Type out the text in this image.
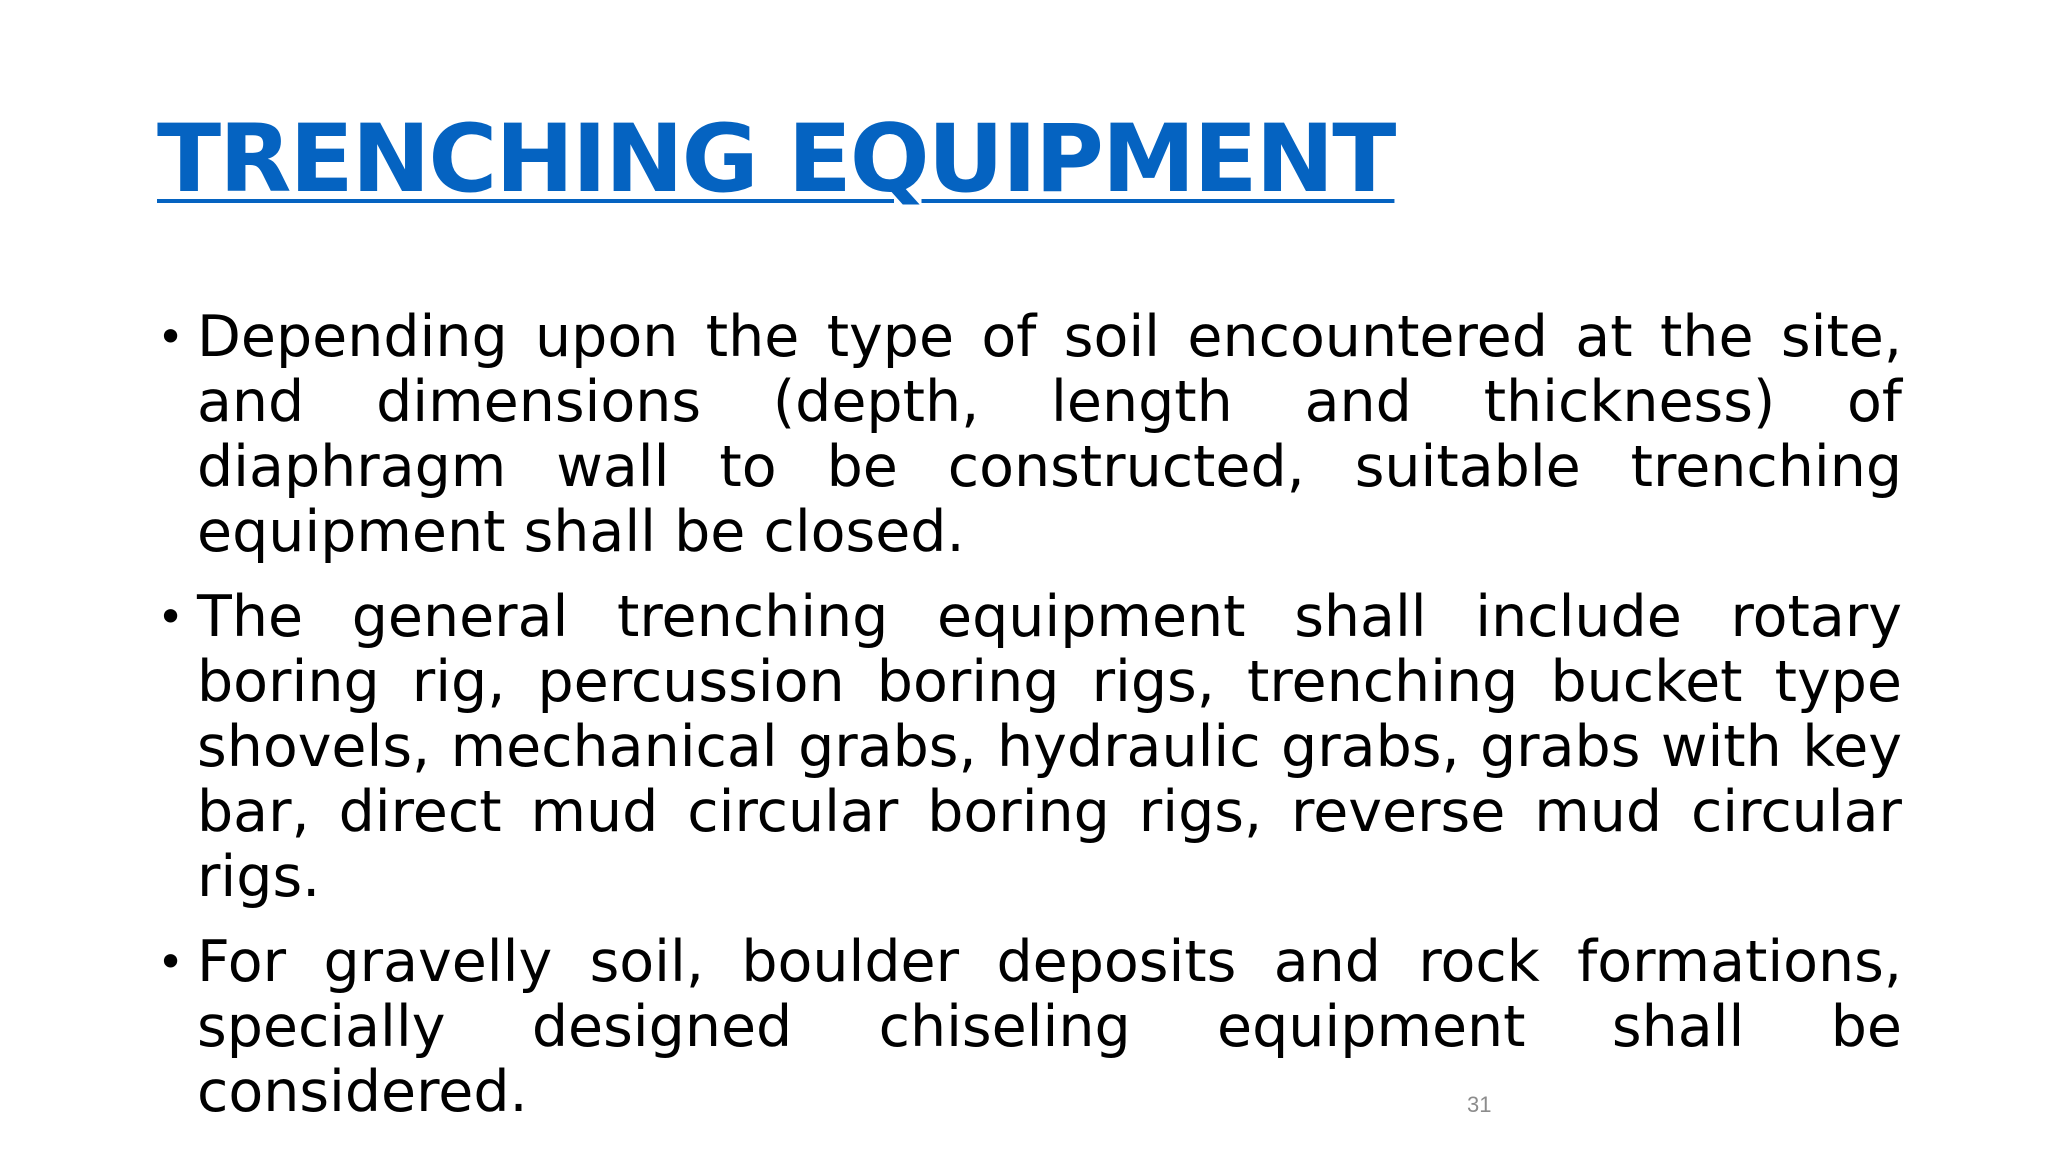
TRENCHING EQUIPMENT
• Depending upon the type of soil encountered at the site, and dimensions (depth, length and thickness) of diaphragm wall to be constructed, suitable trenching equipment shall be closed.
• The general trenching equipment shall include rotary boring rig, percussion boring rigs, trenching bucket type shovels, mechanical grabs, hydraulic grabs, grabs with key bar, direct mud circular boring rigs, reverse mud circular rigs.
• For gravelly soil, boulder deposits and rock formations, specially designed chiseling equipment shall be considered.	31
